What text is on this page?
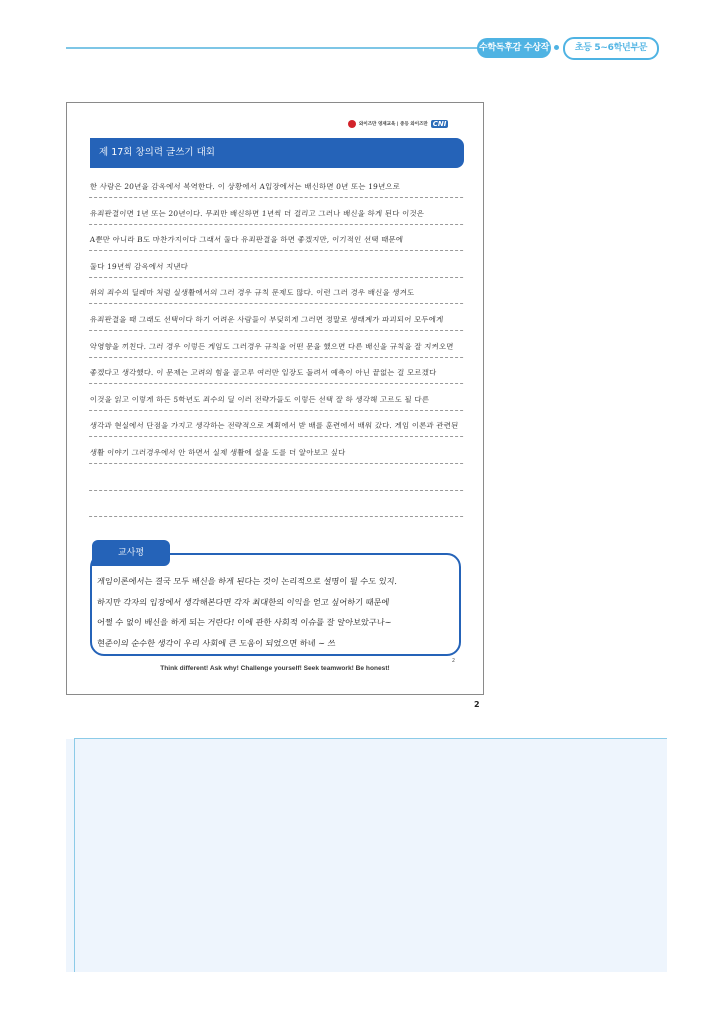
수학독후감 수상작	초등 5~6학년부문
와이즈만 영재교육 | 중등 와이즈만 CNI
제 17회 창의력 글쓰기 대회
한 사람은 20년을 감옥에서 복역한다. 이 상황에서 A입장에서는 배신하면 0년 또는 19년으로
유죄판결이면 1년 또는 20년이다. 무죄만 배신하면 1년씩 더 걸리고 그러나 배신을 하게 된다 이것은
A뿐만 아니라 B도 마찬가지이다 그래서 둘다 유죄판결을 하면 좋겠지만, 이기적인 선택 때문에
둘다 19년씩 감옥에서 지낸다
위의 죄수의 딜레마 처럼 실생활에서의 그러 경우 규칙 문제도 많다. 이런 그러 경우 배신을 생겨도
유죄판결을 때 그래도 선택이다 하기 어려운 사람들이 부딪히게 그러면 정말로 생태계가 파괴되어 모두에게
악영향을 끼친다. 그러 경우 이렇든 게임도 그러경우 규칙을 어떤 문을 했으면 다른 배신을 규칙을 잘 지켜오면
좋겠다고 생각했다. 이 문제는 고려의 힘을 골고루 여러만 입장도 돌려서 예측이 아닌 끝없는 걸 모르겠다
이것을 읽고 이렇게 하든 5학년도 죄수의 딜 이러 전략가들도 이렇든 선택 잘 하 생각해 고르도 될 다른
생각과 현실에서 단점을 가지고 생각하는 전략적으로 계획에서 받 배를 훈련에서 배워 갔다. 게임 이론과 관련된
생활 이야기 그러경우에서 안 하면서 실제 생활에 설을 도를 더 알아보고 싶다
교사평
게임이론에서는 결국 모두 배신을 하게 된다는 것이 논리적으로 설명이 될 수도 있지.
하지만 각자의 입장에서 생각해본다면 각자 최대한의 이익을 얻고 싶어하기 때문에
어쩔 수 없이 배신을 하게 되는 거란다! 이에 관한 사회적 이슈를 잘 알아보았구나~
현준이의 순수한 생각이 우리 사회에 큰 도움이 되었으면 하네 ~ 쓰
2
Think different! Ask why! Challenge yourself! Seek teamwork! Be honest!
2
